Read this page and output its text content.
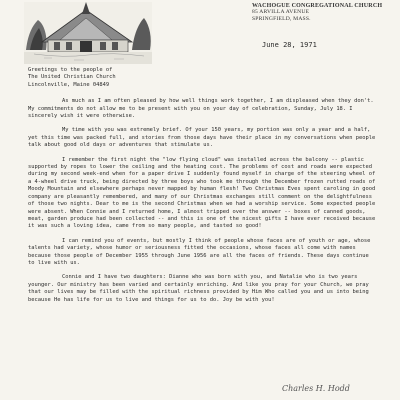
WACHOGUE CONGREGATIONAL CHURCH
85 ARVILLA AVENUE
SPRINGFIELD, MASS.
June 28, 1971

Greetings to the people of
The United Christian Church
Lincolnville, Maine 04849

As much as I am often pleased by how well things work together, I am displeased when they don't. My commitments do not allow me to be present with you on your day of celebration, Sunday, July 18. I sincerely wish it were otherwise.

My time with you was extremely brief. Of your 150 years, my portion was only a year and a half, yet this time was packed full, and stories from those days have their place in my conversations when people talk about good old days or adventures that stimulate us.

I remember the first night the "low flying cloud" was installed across the balcony -- plastic supported by ropes to lower the ceiling and the heating cost. The problems of cost and roads were expected during my second week-end when for a paper drive I suddenly found myself in charge of the steering wheel of a 4-wheel drive truck, being directed by three boys who took me through the December frozen rutted roads of Moody Mountain and elsewhere perhaps never mapped by human flesh! Two Christmas Eves spent caroling in good company are pleasantly remembered, and many of our Christmas exchanges still comment on the delightfulness of those two nights. Dear to me is the second Christmas when we had a worship service. Some expected people were absent. When Connie and I returned home, I almost tripped over the answer -- boxes of canned goods, meat, garden produce had been collected -- and this is one of the nicest gifts I have ever received because it was such a loving idea, came from so many people, and tasted so good!

I can remind you of events, but mostly I think of people whose faces are of youth or age, whose talents had variety, whose humor or seriousness fitted the occasions, whose faces all come with names because those people of December 1955 through June 1956 are all the faces of friends. These days continue to live with us.

Connie and I have two daughters: Dianne who was born with you, and Natalie who is two years younger. Our ministry has been varied and certainly enriching. And like you pray for your Church, we pray that our lives may be filled with the spiritual richness provided by Him Who called you and us into being because He has life for us to live and things for us to do. Joy be with you!

Charles H. Hodd
